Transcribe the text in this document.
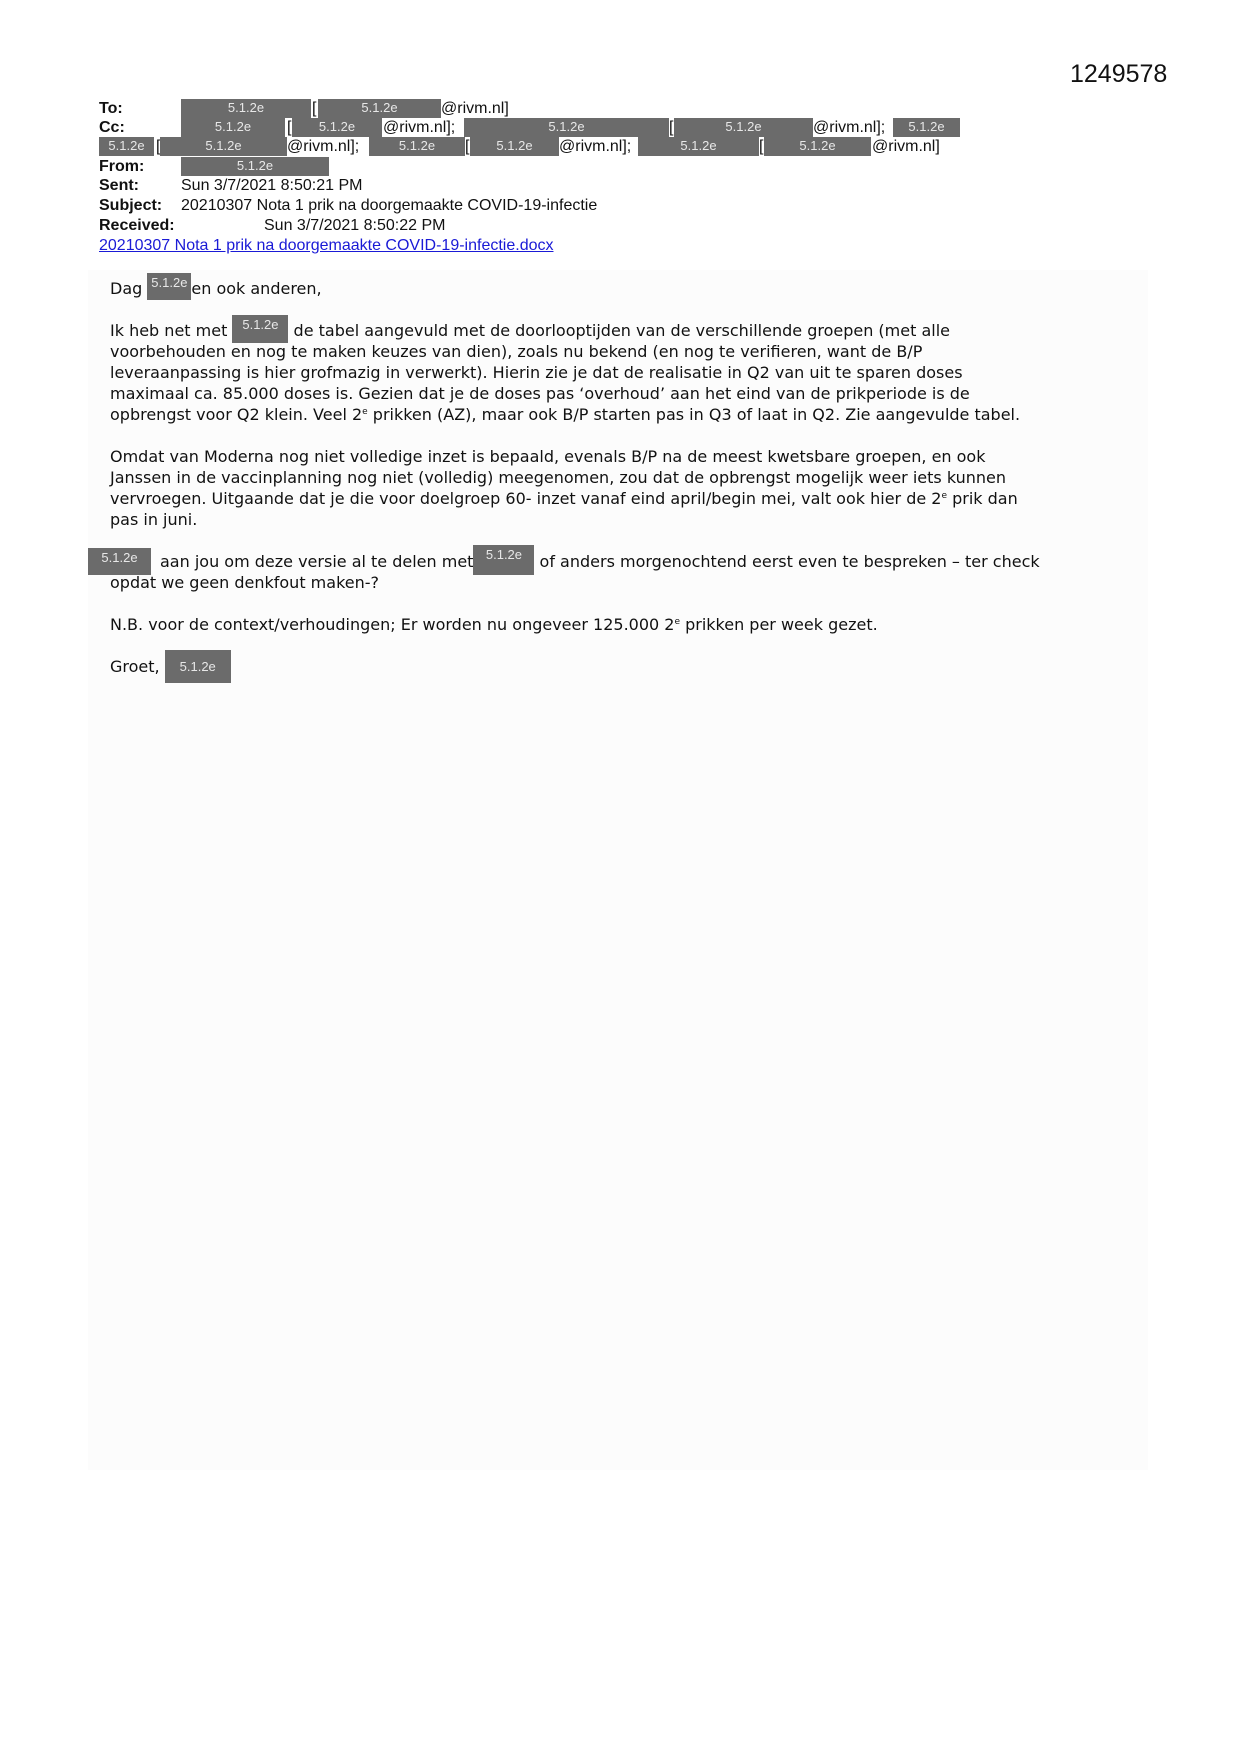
1249578
To:	5.1.2e	[	5.1.2e	@rivm.nl]
Cc:	5.1.2e	[	5.1.2e	@rivm.nl];	5.1.2e	[	5.1.2e	@rivm.nl];	5.1.2e
5.1.2e [	5.1.2e	@rivm.nl];	5.1.2e	[	5.1.2e	@rivm.nl];	5.1.2e	[	5.1.2e	@rivm.nl]
From:	5.1.2e
Sent:	Sun 3/7/2021 8:50:21 PM
Subject: 20210307 Nota 1 prik na doorgemaakte COVID-19-infectie
Received:	Sun 3/7/2021 8:50:22 PM
20210307 Nota 1 prik na doorgemaakte COVID-19-infectie.docx
Dag 5.1.2e en ook anderen,
Ik heb net met 5.1.2e de tabel aangevuld met de doorlooptijden van de verschillende groepen (met alle
voorbehouden en nog te maken keuzes van dien), zoals nu bekend (en nog te verifieren, want de B/P
leveraanpassing is hier grofmazig in verwerkt). Hierin zie je dat de realisatie in Q2 van uit te sparen doses
maximaal ca. 85.000 doses is. Gezien dat je de doses pas ‘overhoud’ aan het eind van de prikperiode is de
opbrengst voor Q2 klein. Veel 2e prikken (AZ), maar ook B/P starten pas in Q3 of laat in Q2. Zie aangevulde tabel.
Omdat van Moderna nog niet volledige inzet is bepaald, evenals B/P na de meest kwetsbare groepen, en ook
Janssen in de vaccinplanning nog niet (volledig) meegenomen, zou dat de opbrengst mogelijk weer iets kunnen
vervroegen. Uitgaande dat je die voor doelgroep 60- inzet vanaf eind april/begin mei, valt ook hier de 2e prik dan
pas in juni.
5.1.2e	aan jou om deze versie al te delen met 5.1.2e of anders morgenochtend eerst even te bespreken – ter check
opdat we geen denkfout maken-?
N.B. voor de context/verhoudingen; Er worden nu ongeveer 125.000 2e prikken per week gezet.
Groet, 5.1.2e
